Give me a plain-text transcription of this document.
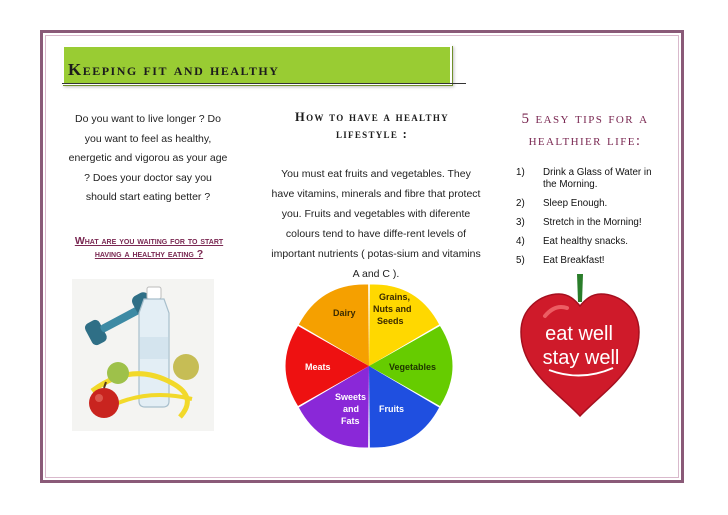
Keeping fit and healthy
Do you want to live longer ? Do you want to feel as healthy, energetic and vigorou as your age ? Does your doctor say you should start eating better ?
What are you waiting for to start having a healthy eating ?
How to have a healthy lifestyle :
You must eat fruits and vegetables. They have vitamins, minerals and fibre that protect you. Fruits and vegetables with diferente colours tend to have diffe-rent levels of important nutrients ( potas-sium and vitamins A and C ).
Dairy
Grains,
Nuts and
Seeds
Vegetables
Fruits
Sweets
and
Fats
Meats
5 easy tips for a healthier life:
1)	Drink a Glass of Water in the Morning.
2)	Sleep Enough.
3)	Stretch in the Morning!
4)	Eat healthy snacks.
5)	Eat Breakfast!
eat well
stay well
